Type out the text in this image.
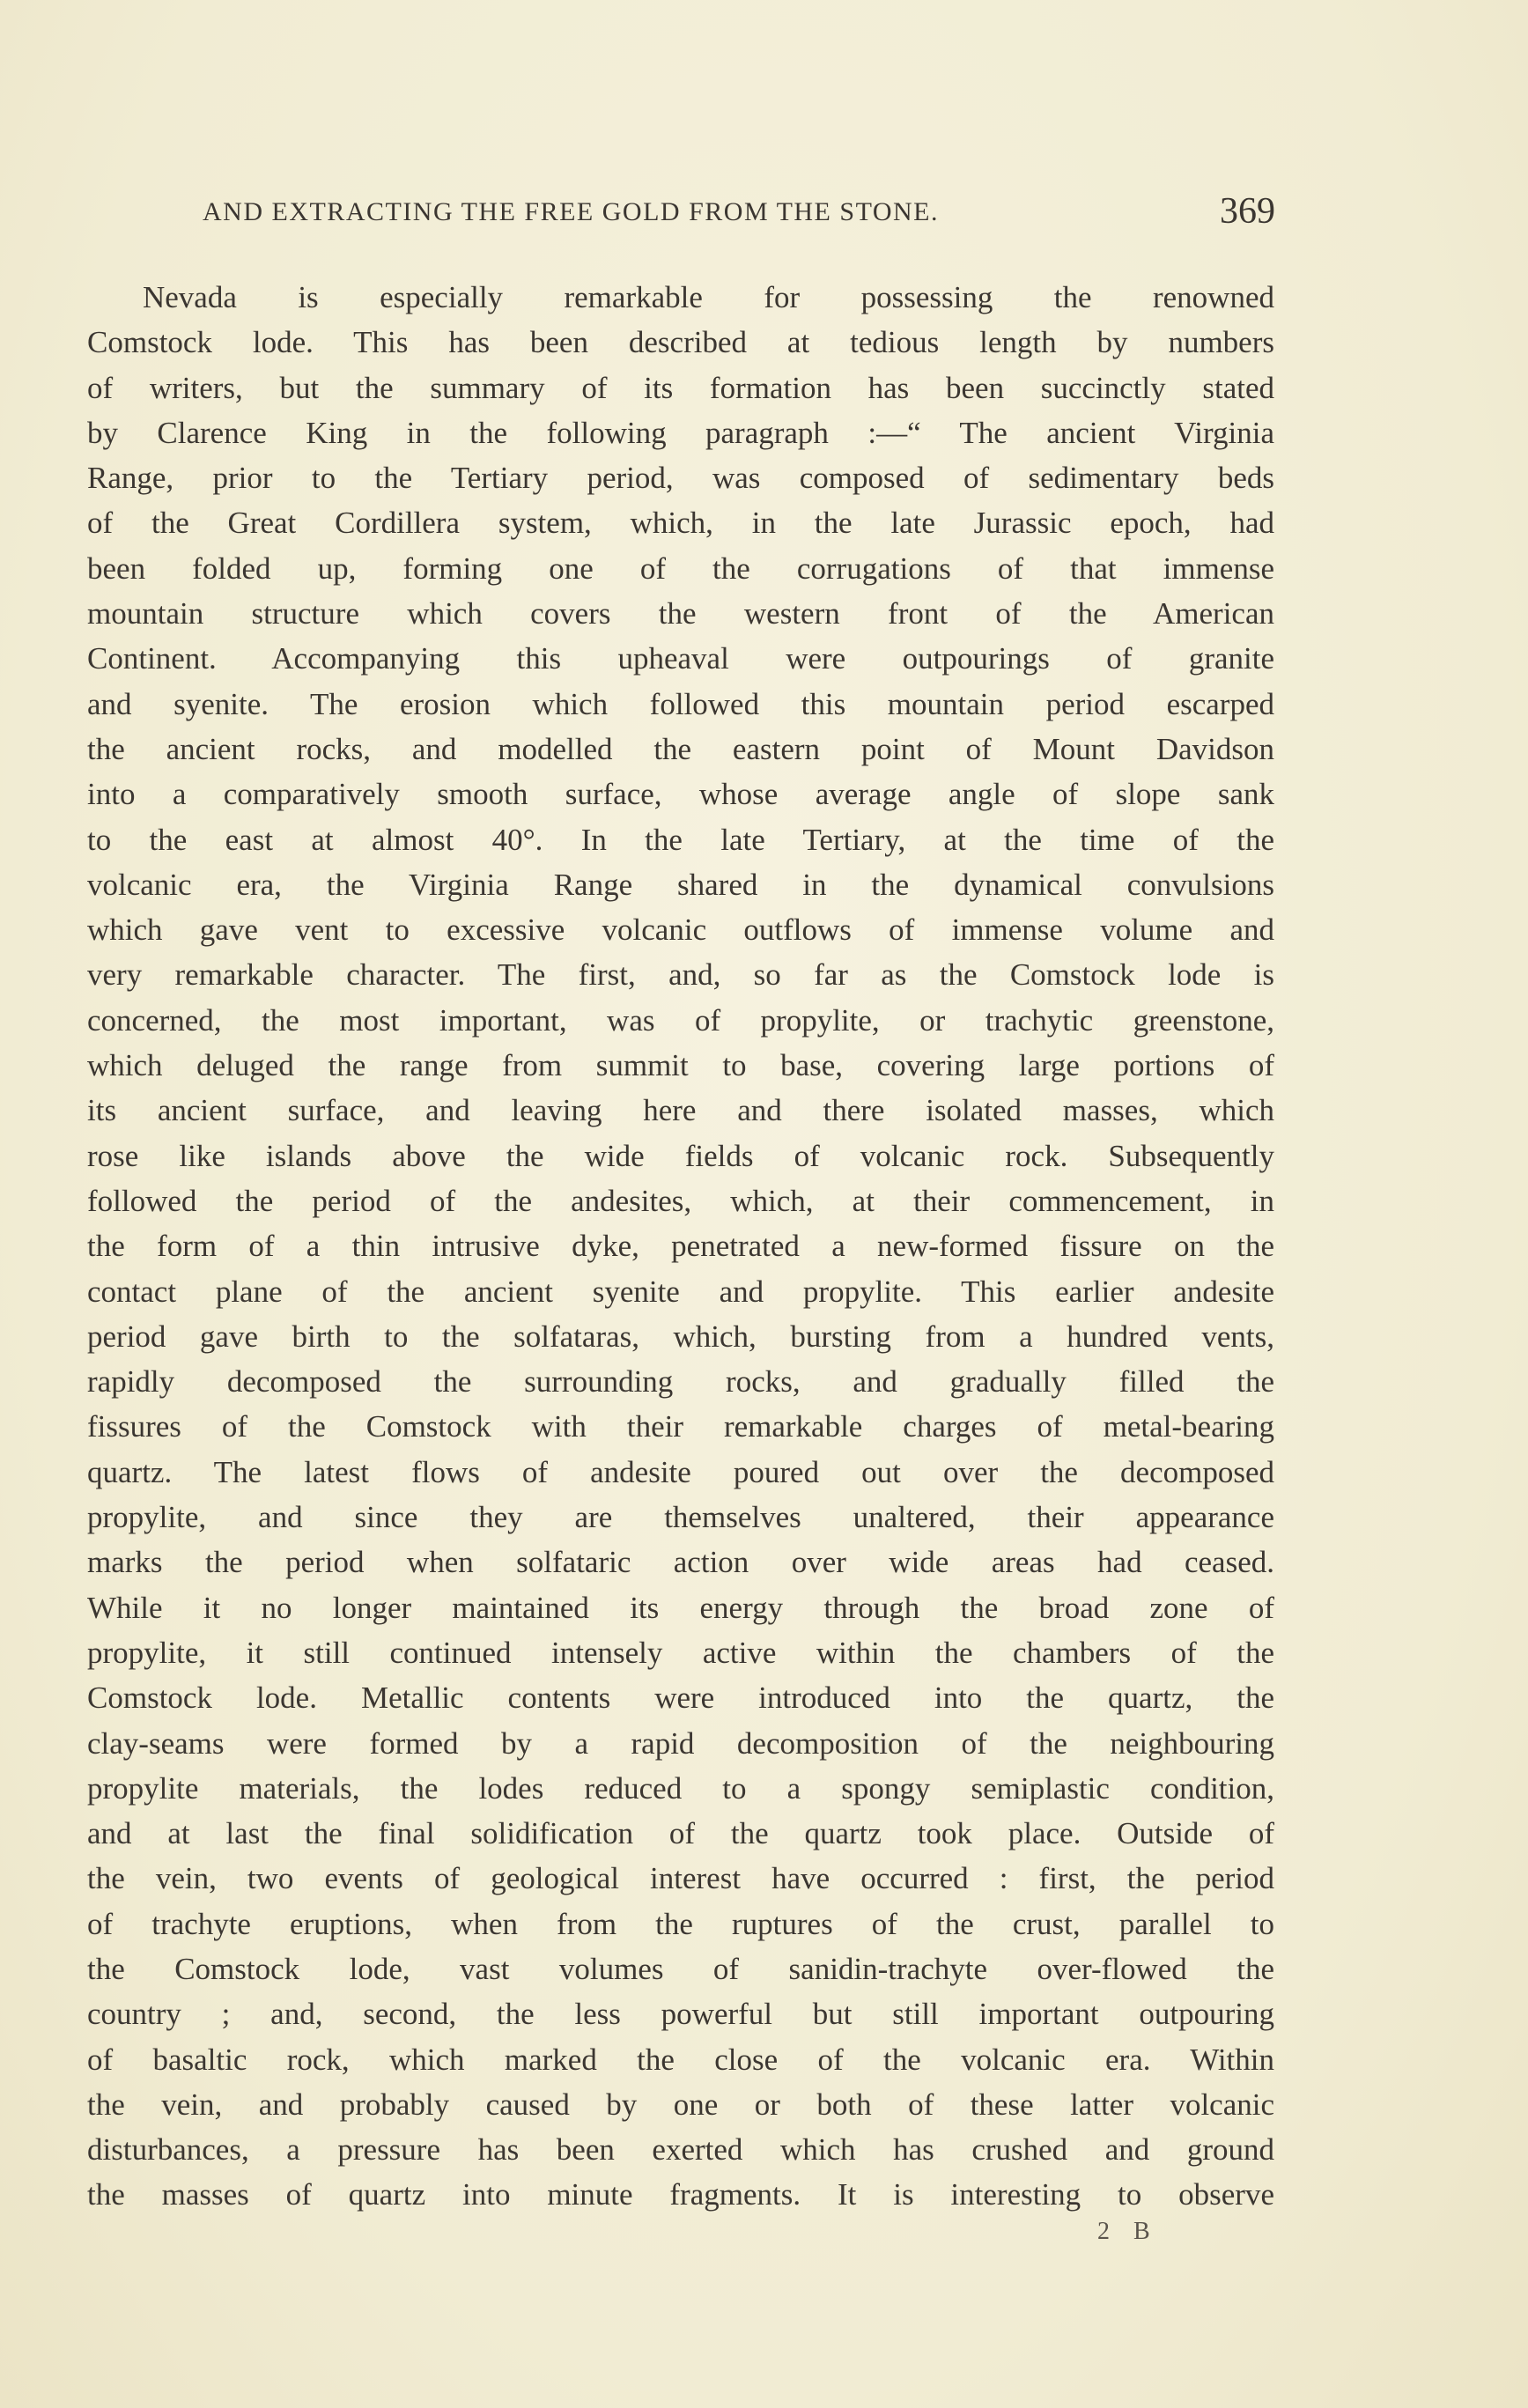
AND EXTRACTING THE FREE GOLD FROM THE STONE.	369
Nevada is especially remarkable for possessing the renowned
Comstock lode. This has been described at tedious length by numbers
of writers, but the summary of its formation has been succinctly stated
by Clarence King in the following paragraph :—“ The ancient Virginia
Range, prior to the Tertiary period, was composed of sedimentary beds
of the Great Cordillera system, which, in the late Jurassic epoch, had
been folded up, forming one of the corrugations of that immense
mountain structure which covers the western front of the American
Continent. Accompanying this upheaval were outpourings of granite
and syenite. The erosion which followed this mountain period escarped
the ancient rocks, and modelled the eastern point of Mount Davidson
into a comparatively smooth surface, whose average angle of slope sank
to the east at almost 40°. In the late Tertiary, at the time of the
volcanic era, the Virginia Range shared in the dynamical convulsions
which gave vent to excessive volcanic outflows of immense volume and
very remarkable character. The first, and, so far as the Comstock lode is
concerned, the most important, was of propylite, or trachytic greenstone,
which deluged the range from summit to base, covering large portions of
its ancient surface, and leaving here and there isolated masses, which
rose like islands above the wide fields of volcanic rock. Subsequently
followed the period of the andesites, which, at their commencement, in
the form of a thin intrusive dyke, penetrated a new-formed fissure on the
contact plane of the ancient syenite and propylite. This earlier andesite
period gave birth to the solfataras, which, bursting from a hundred vents,
rapidly decomposed the surrounding rocks, and gradually filled the
fissures of the Comstock with their remarkable charges of metal-bearing
quartz. The latest flows of andesite poured out over the decomposed
propylite, and since they are themselves unaltered, their appearance
marks the period when solfataric action over wide areas had ceased.
While it no longer maintained its energy through the broad zone of
propylite, it still continued intensely active within the chambers of the
Comstock lode. Metallic contents were introduced into the quartz, the
clay-seams were formed by a rapid decomposition of the neighbouring
propylite materials, the lodes reduced to a spongy semiplastic condition,
and at last the final solidification of the quartz took place. Outside of
the vein, two events of geological interest have occurred : first, the period
of trachyte eruptions, when from the ruptures of the crust, parallel to
the Comstock lode, vast volumes of sanidin-trachyte over-flowed the
country ; and, second, the less powerful but still important outpouring
of basaltic rock, which marked the close of the volcanic era. Within
the vein, and probably caused by one or both of these latter volcanic
disturbances, a pressure has been exerted which has crushed and ground
the masses of quartz into minute fragments. It is interesting to observe
2 B
